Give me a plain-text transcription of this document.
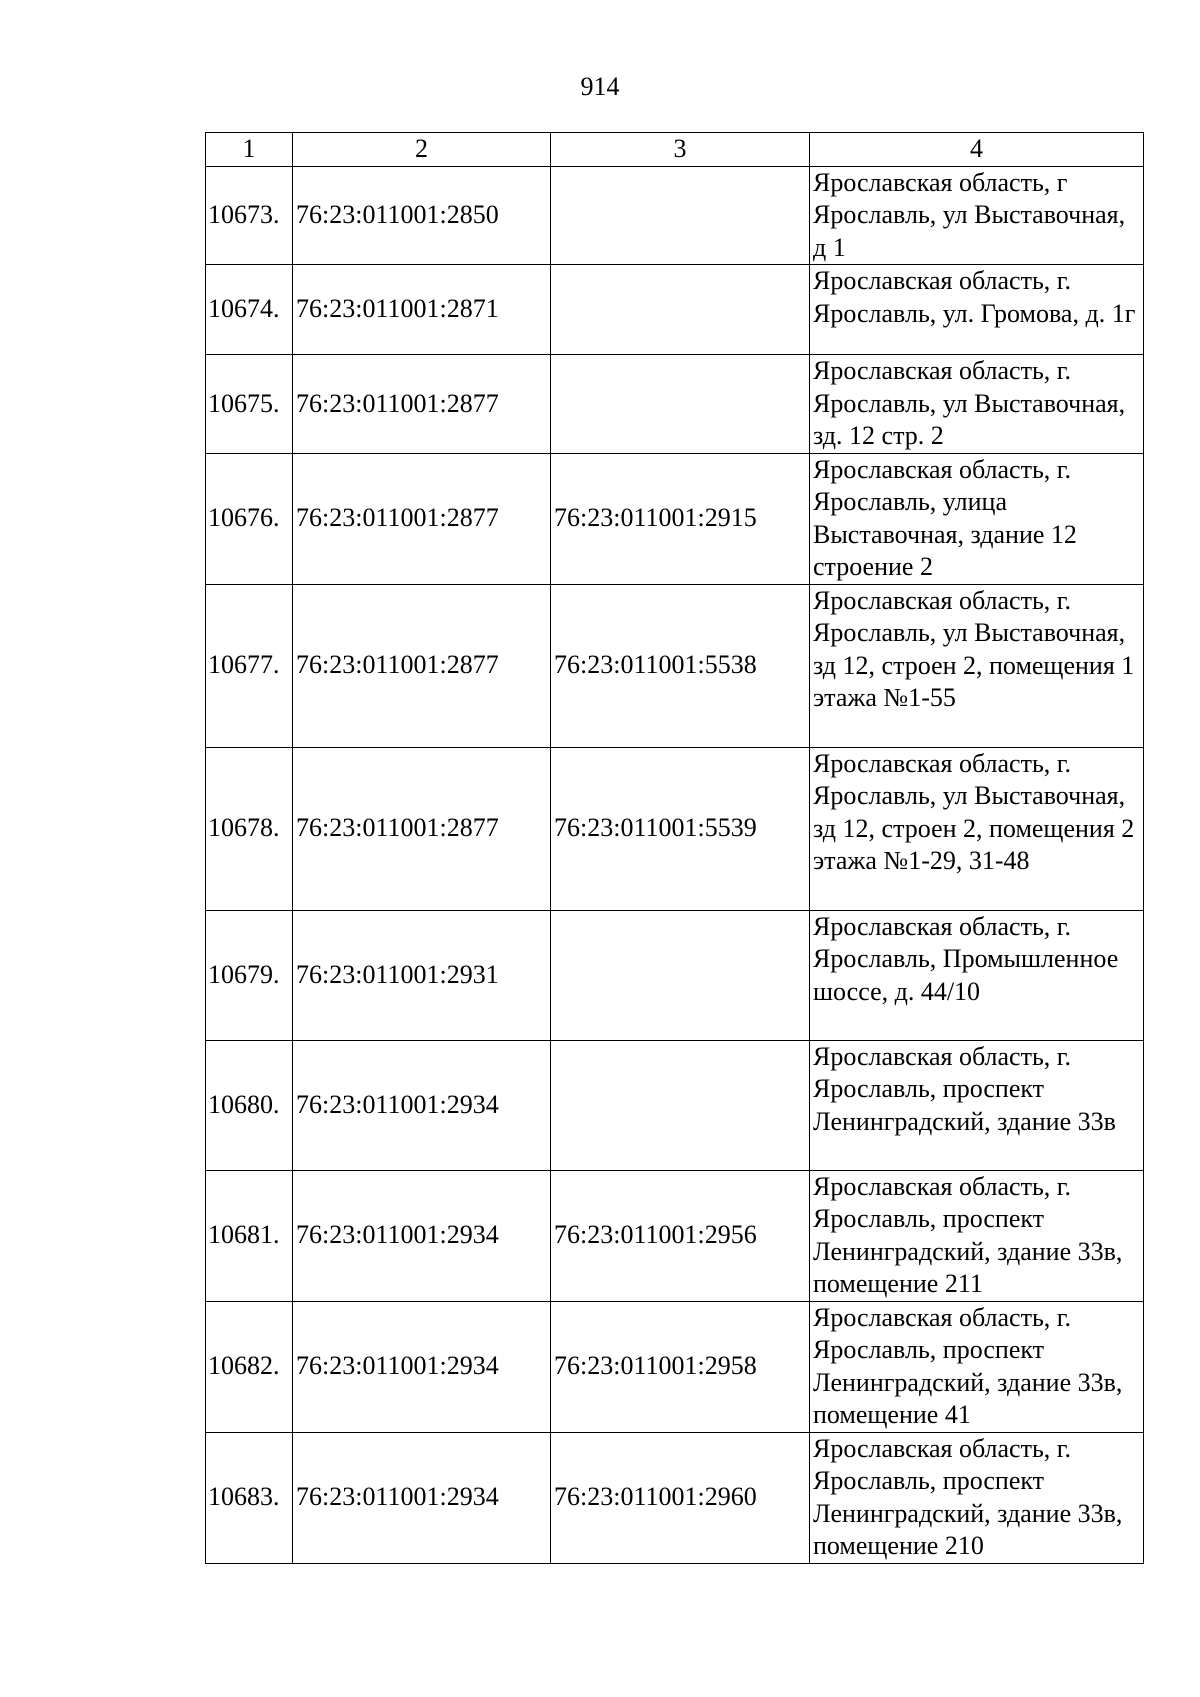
914
1	2	3	4
10673.	76:23:011001:2850		Ярославская область, г Ярославль, ул Выставочная, д 1
10674.	76:23:011001:2871		Ярославская область, г. Ярославль, ул. Громова, д. 1г
10675.	76:23:011001:2877		Ярославская область, г. Ярославль, ул Выставочная, зд. 12 стр. 2
10676.	76:23:011001:2877	76:23:011001:2915	Ярославская область, г. Ярославль, улица Выставочная, здание 12 строение 2
10677.	76:23:011001:2877	76:23:011001:5538	Ярославская область, г. Ярославль, ул Выставочная, зд 12, строен 2, помещения 1 этажа №1-55
10678.	76:23:011001:2877	76:23:011001:5539	Ярославская область, г. Ярославль, ул Выставочная, зд 12, строен 2, помещения 2 этажа №1-29, 31-48
10679.	76:23:011001:2931		Ярославская область, г. Ярославль, Промышленное шоссе, д. 44/10
10680.	76:23:011001:2934		Ярославская область, г. Ярославль, проспект Ленинградский, здание 33в
10681.	76:23:011001:2934	76:23:011001:2956	Ярославская область, г. Ярославль, проспект Ленинградский, здание 33в, помещение 211
10682.	76:23:011001:2934	76:23:011001:2958	Ярославская область, г. Ярославль, проспект Ленинградский, здание 33в, помещение 41
10683.	76:23:011001:2934	76:23:011001:2960	Ярославская область, г. Ярославль, проспект Ленинградский, здание 33в, помещение 210
